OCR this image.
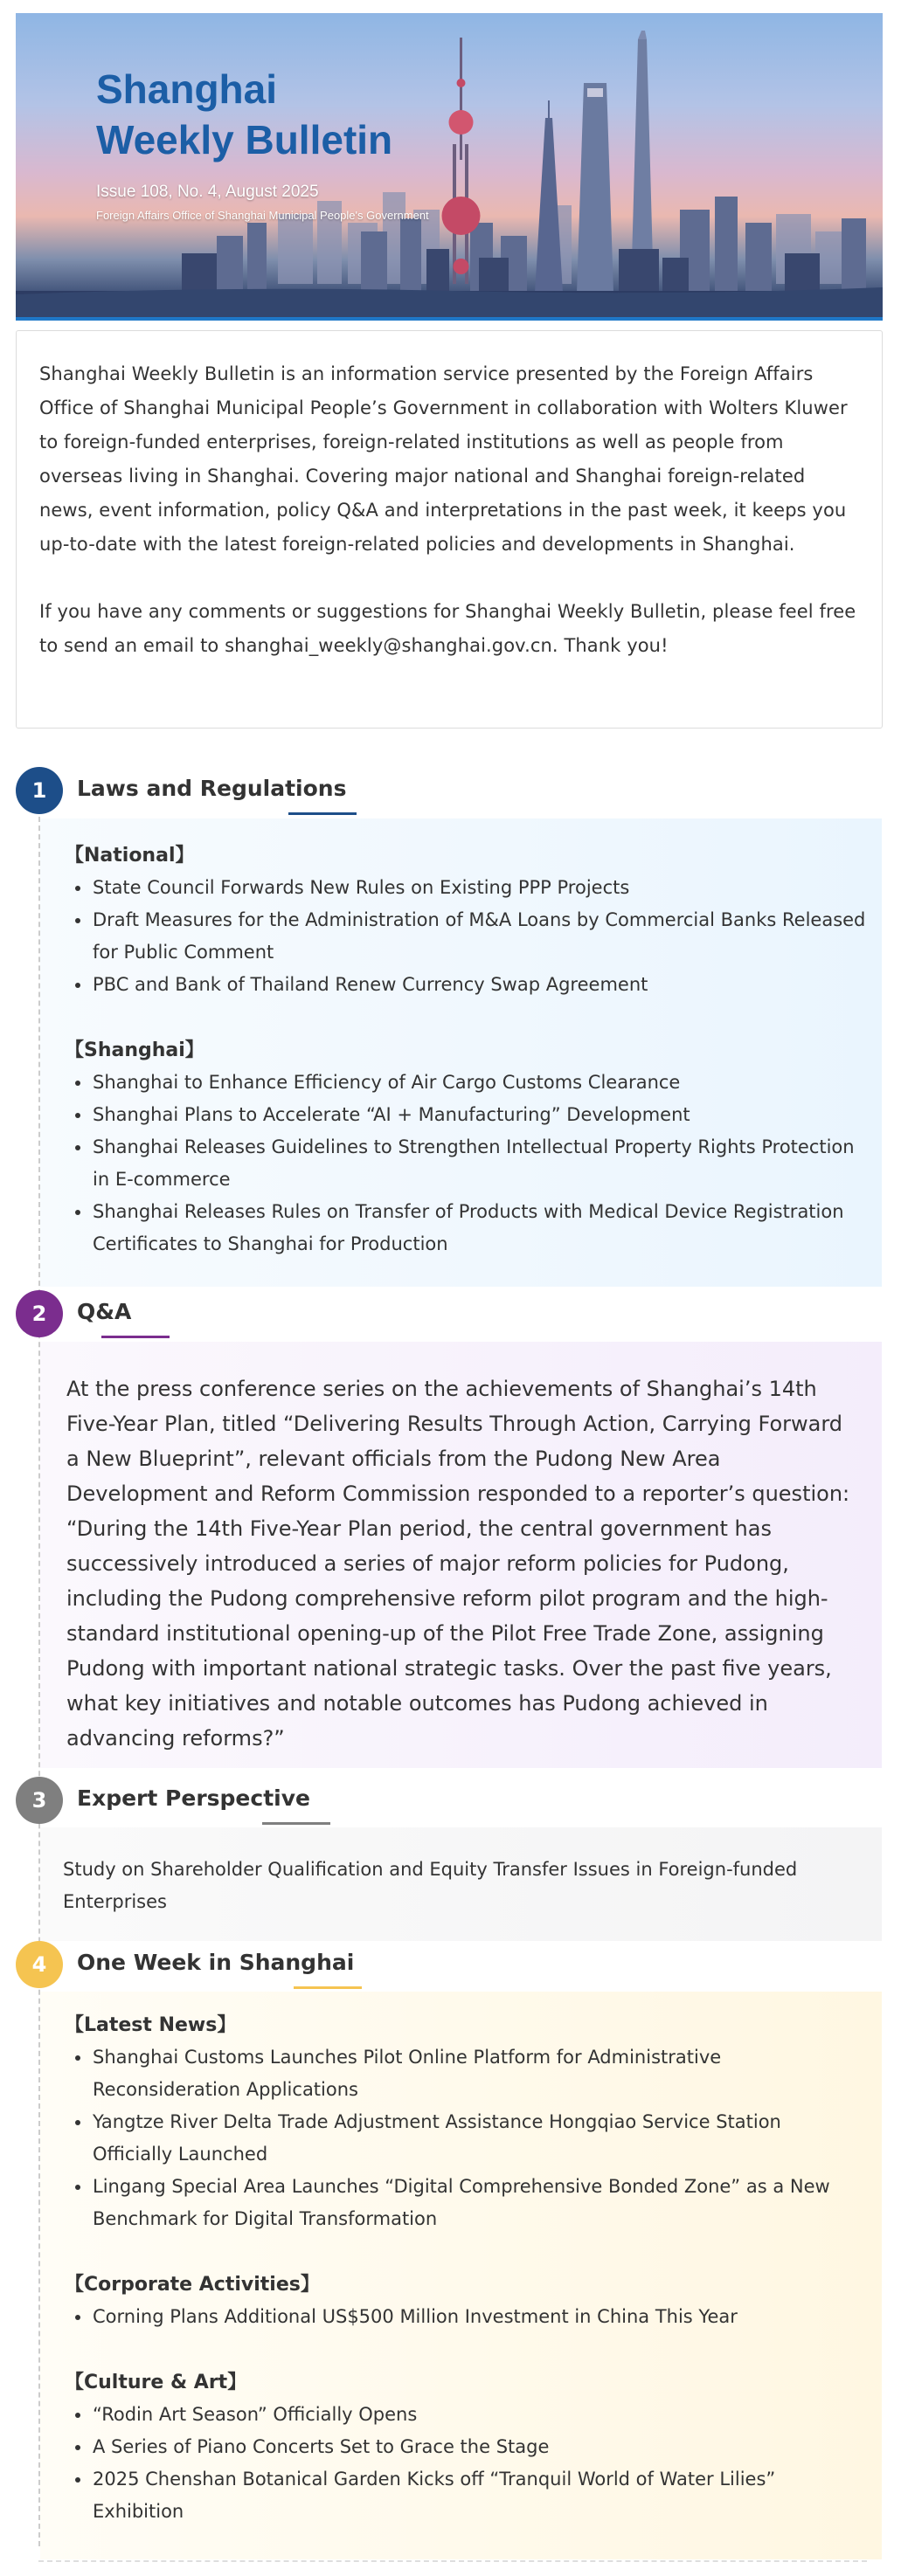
Shanghai
Weekly Bulletin
Issue 108, No. 4, August 2025
Foreign Affairs Office of Shanghai Municipal People's Government

Shanghai Weekly Bulletin is an information service presented by the Foreign Affairs Office of Shanghai Municipal People’s Government in collaboration with Wolters Kluwer to foreign-funded enterprises, foreign-related institutions as well as people from overseas living in Shanghai. Covering major national and Shanghai foreign-related news, event information, policy Q&A and interpretations in the past week, it keeps you up-to-date with the latest foreign-related policies and developments in Shanghai.

If you have any comments or suggestions for Shanghai Weekly Bulletin, please feel free to send an email to shanghai_weekly@shanghai.gov.cn. Thank you!

1	Laws and Regulations
【National】
State Council Forwards New Rules on Existing PPP Projects
Draft Measures for the Administration of M&A Loans by Commercial Banks Released for Public Comment
PBC and Bank of Thailand Renew Currency Swap Agreement
【Shanghai】
Shanghai to Enhance Efficiency of Air Cargo Customs Clearance
Shanghai Plans to Accelerate “AI + Manufacturing” Development
Shanghai Releases Guidelines to Strengthen Intellectual Property Rights Protection in E-commerce
Shanghai Releases Rules on Transfer of Products with Medical Device Registration Certificates to Shanghai for Production
2	Q&A
At the press conference series on the achievements of Shanghai’s 14th Five-Year Plan, titled “Delivering Results Through Action, Carrying Forward a New Blueprint”, relevant officials from the Pudong New Area Development and Reform Commission responded to a reporter’s question: “During the 14th Five-Year Plan period, the central government has successively introduced a series of major reform policies for Pudong, including the Pudong comprehensive reform pilot program and the high-standard institutional opening-up of the Pilot Free Trade Zone, assigning Pudong with important national strategic tasks. Over the past five years, what key initiatives and notable outcomes has Pudong achieved in advancing reforms?”
3	Expert Perspective
Study on Shareholder Qualification and Equity Transfer Issues in Foreign-funded Enterprises
4	One Week in Shanghai
【Latest News】
Shanghai Customs Launches Pilot Online Platform for Administrative Reconsideration Applications
Yangtze River Delta Trade Adjustment Assistance Hongqiao Service Station Officially Launched
Lingang Special Area Launches “Digital Comprehensive Bonded Zone” as a New Benchmark for Digital Transformation
【Corporate Activities】
Corning Plans Additional US$500 Million Investment in China This Year
【Culture & Art】
“Rodin Art Season” Officially Opens
A Series of Piano Concerts Set to Grace the Stage
2025 Chenshan Botanical Garden Kicks off “Tranquil World of Water Lilies” Exhibition
